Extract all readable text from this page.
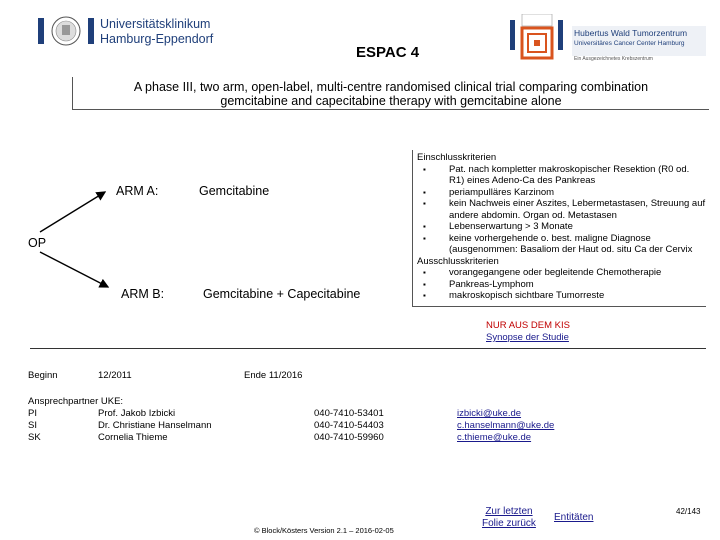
Universitätsklinikum
Hamburg-Eppendorf
ESPAC 4
Hubertus Wald Tumorzentrum
Universitäres Cancer Center Hamburg
Ein Ausgezeichnetes Krebszentrum
A phase III, two arm, open-label, multi-centre randomised clinical trial comparing combination
gemcitabine and capecitabine therapy with gemcitabine alone
OP
ARM A:	Gemcitabine
ARM B:	Gemcitabine + Capecitabine
Einschlusskriterien
▪ Pat. nach kompletter makroskopischer Resektion (R0 od. R1) eines Adeno-Ca des Pankreas
▪ periampulläres Karzinom
▪ kein Nachweis einer Aszites, Lebermetastasen, Streuung auf andere abdomin. Organ od. Metastasen
▪ Lebenserwartung > 3 Monate
▪ keine vorhergehende o. best. maligne Diagnose (ausgenommen: Basaliom der Haut od. situ Ca der Cervix
Ausschlusskriterien
▪ vorangegangene oder begleitende Chemotherapie
▪ Pankreas-Lymphom
▪ makroskopisch sichtbare Tumorreste
NUR AUS DEM KIS
Synopse der Studie
Beginn	12/2011	Ende 11/2016
Ansprechpartner UKE:
PI	Prof. Jakob Izbicki	040-7410-53401	izbicki@uke.de
SI	Dr. Christiane Hanselmann	040-7410-54403	c.hanselmann@uke.de
SK	Cornelia Thieme	040-7410-59960	c.thieme@uke.de
Zur letzten
Folie zurück
Entitäten
42/143
© Block/Kösters Version 2.1 – 2016-02-05
